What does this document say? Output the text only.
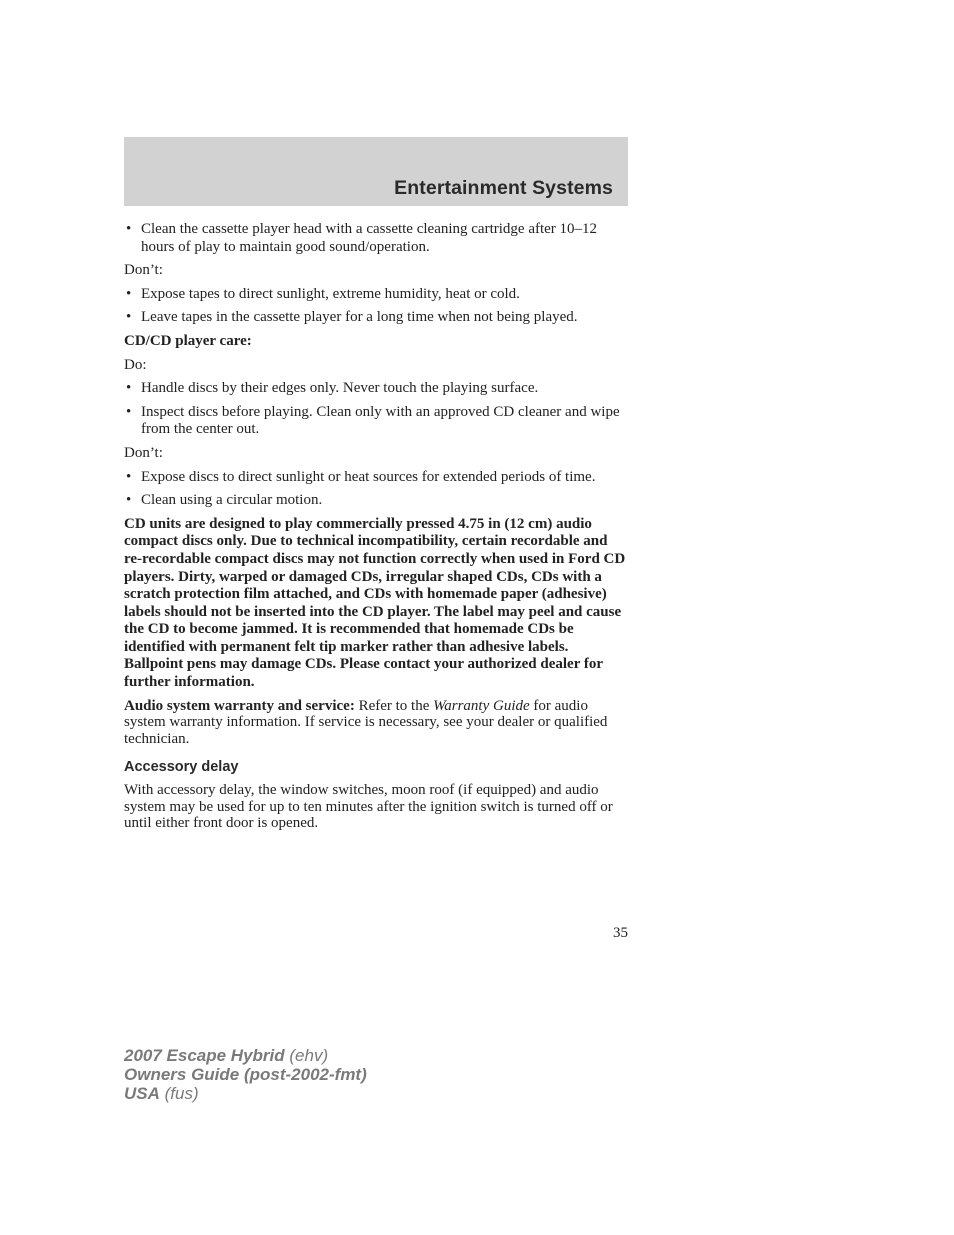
Entertainment Systems
• Clean the cassette player head with a cassette cleaning cartridge after 10–12 hours of play to maintain good sound/operation.

Don’t:

• Expose tapes to direct sunlight, extreme humidity, heat or cold.
• Leave tapes in the cassette player for a long time when not being played.

CD/CD player care:

Do:

• Handle discs by their edges only. Never touch the playing surface.
• Inspect discs before playing. Clean only with an approved CD cleaner and wipe from the center out.

Don’t:

• Expose discs to direct sunlight or heat sources for extended periods of time.
• Clean using a circular motion.

CD units are designed to play commercially pressed 4.75 in (12 cm) audio compact discs only. Due to technical incompatibility, certain recordable and re-recordable compact discs may not function correctly when used in Ford CD players. Dirty, warped or damaged CDs, irregular shaped CDs, CDs with a scratch protection film attached, and CDs with homemade paper (adhesive) labels should not be inserted into the CD player. The label may peel and cause the CD to become jammed. It is recommended that homemade CDs be identified with permanent felt tip marker rather than adhesive labels. Ballpoint pens may damage CDs. Please contact your authorized dealer for further information.

Audio system warranty and service: Refer to the Warranty Guide for audio system warranty information. If service is necessary, see your dealer or qualified technician.

Accessory delay

With accessory delay, the window switches, moon roof (if equipped) and audio system may be used for up to ten minutes after the ignition switch is turned off or until either front door is opened.

35
2007 Escape Hybrid (ehv)
Owners Guide (post-2002-fmt)
USA (fus)
